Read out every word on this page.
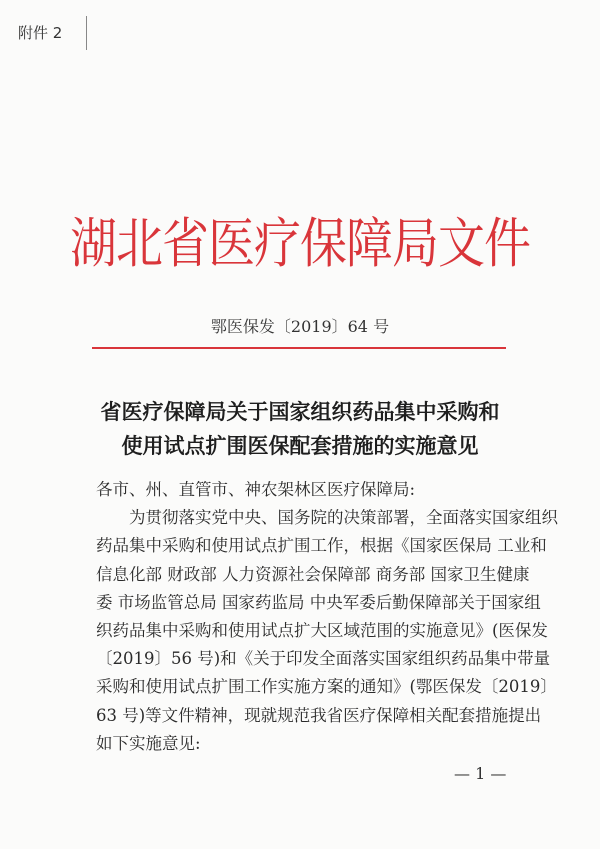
附件 2
湖北省医疗保障局文件
鄂医保发〔2019〕64 号
省医疗保障局关于国家组织药品集中采购和
使用试点扩围医保配套措施的实施意见
各市、州、直管市、神农架林区医疗保障局:
　　为贯彻落实党中央、国务院的决策部署，全面落实国家组织
药品集中采购和使用试点扩围工作，根据《国家医保局 工业和
信息化部 财政部 人力资源社会保障部 商务部 国家卫生健康
委 市场监管总局 国家药监局 中央军委后勤保障部关于国家组
织药品集中采购和使用试点扩大区域范围的实施意见》(医保发
〔2019〕56 号)和《关于印发全面落实国家组织药品集中带量
采购和使用试点扩围工作实施方案的通知》(鄂医保发〔2019〕
63 号)等文件精神，现就规范我省医疗保障相关配套措施提出
如下实施意见:
— 1 —
